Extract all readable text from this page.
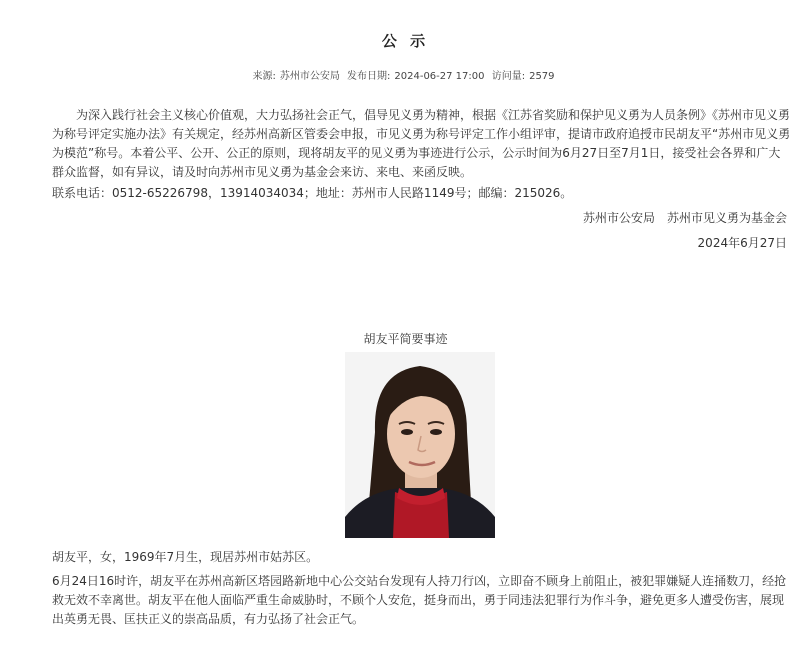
公 示
来源: 苏州市公安局 发布日期: 2024-06-27 17:00 访问量: 2579

为深入践行社会主义核心价值观，大力弘扬社会正气，倡导见义勇为精神，根据《江苏省奖励和保护见义勇为人员条例》《苏州市见义勇为称号评定实施办法》有关规定，经苏州高新区管委会申报，市见义勇为称号评定工作小组评审，提请市政府追授市民胡友平“苏州市见义勇为模范”称号。本着公平、公开、公正的原则，现将胡友平的见义勇为事迹进行公示，公示时间为6月27日至7月1日，接受社会各界和广大群众监督，如有异议，请及时向苏州市见义勇为基金会来访、来电、来函反映。

联系电话：0512-65226798，13914034034；地址：苏州市人民路1149号；邮编：215026。

苏州市公安局　苏州市见义勇为基金会
2024年6月27日
胡友平简要事迹

胡友平，女，1969年7月生，现居苏州市姑苏区。

6月24日16时许，胡友平在苏州高新区塔园路新地中心公交站台发现有人持刀行凶，立即奋不顾身上前阻止，被犯罪嫌疑人连捅数刀，经抢救无效不幸离世。胡友平在他人面临严重生命威胁时，不顾个人安危，挺身而出，勇于同违法犯罪行为作斗争，避免更多人遭受伤害，展现出英勇无畏、匡扶正义的崇高品质，有力弘扬了社会正气。
